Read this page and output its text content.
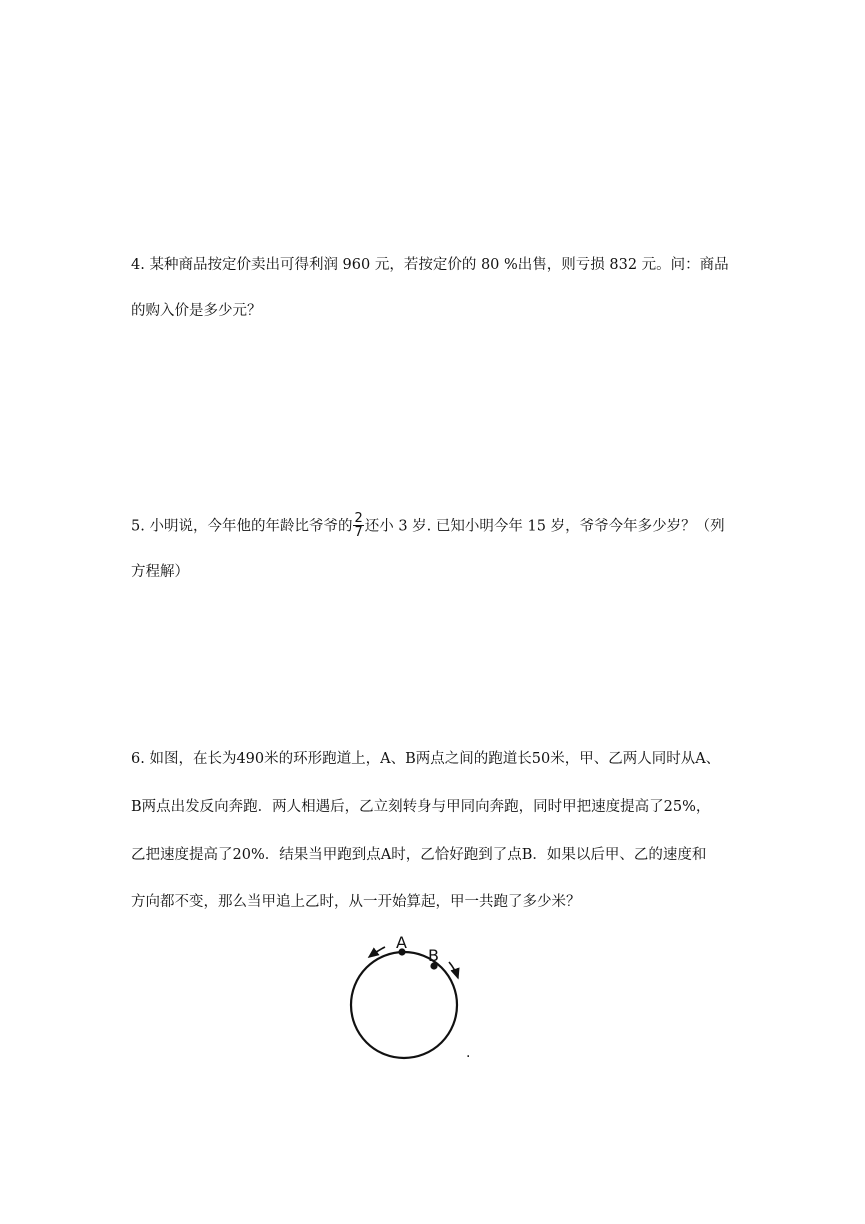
4. 某种商品按定价卖出可得利润 960 元，若按定价的 80 %出售，则亏损 832 元。问：商品
的购入价是多少元？
5. 小明说，今年他的年龄比爷爷的 $\frac{2}{7}$ 还小 3 岁. 已知小明今年 15 岁，爷爷今年多少岁？（列
方程解）
6. 如图，在长为490米的环形跑道上，A、B两点之间的跑道长50米，甲、乙两人同时从A、
B两点出发反向奔跑．两人相遇后，乙立刻转身与甲同向奔跑，同时甲把速度提高了25%，
乙把速度提高了20%．结果当甲跑到点A时，乙恰好跑到了点B．如果以后甲、乙的速度和
方向都不变，那么当甲追上乙时，从一开始算起，甲一共跑了多少米？
A
B
.
